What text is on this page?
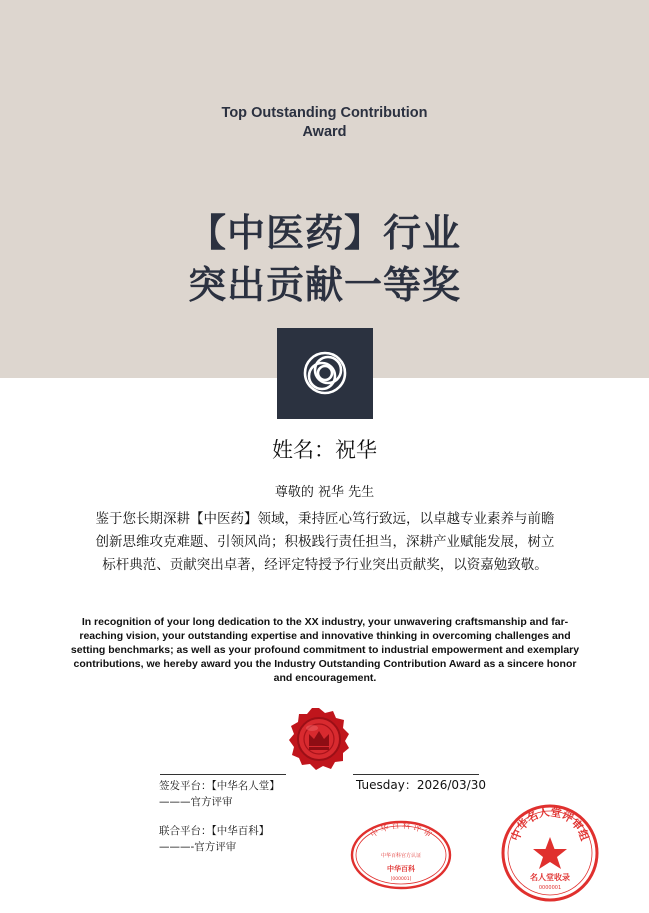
Top Outstanding Contribution
Award
【中医药】行业
突出贡献一等奖
姓名：祝华
尊敬的 祝华 先生
鉴于您长期深耕【中医药】领域，秉持匠心笃行致远，以卓越专业素养与前瞻
创新思维攻克难题、引领风尚；积极践行责任担当，深耕产业赋能发展，树立
标杆典范、贡献突出卓著，经评定特授予行业突出贡献奖，以资嘉勉致敬。
In recognition of your long dedication to the XX industry, your unwavering craftsmanship and far-reaching vision, your outstanding expertise and innovative thinking in overcoming challenges and setting benchmarks; as well as your profound commitment to industrial empowerment and exemplary contributions, we hereby award you the Industry Outstanding Contribution Award as a sincere honor and encouragement.
签发平台：【中华名人堂】
———官方评审
Tuesday：2026/03/30
联合平台：【中华百科】
———-官方评审
中 华 百 科 评 审
中华百科官方认证
中华百科
[000001]
中华名人堂评审组
名人堂收录
0000001
